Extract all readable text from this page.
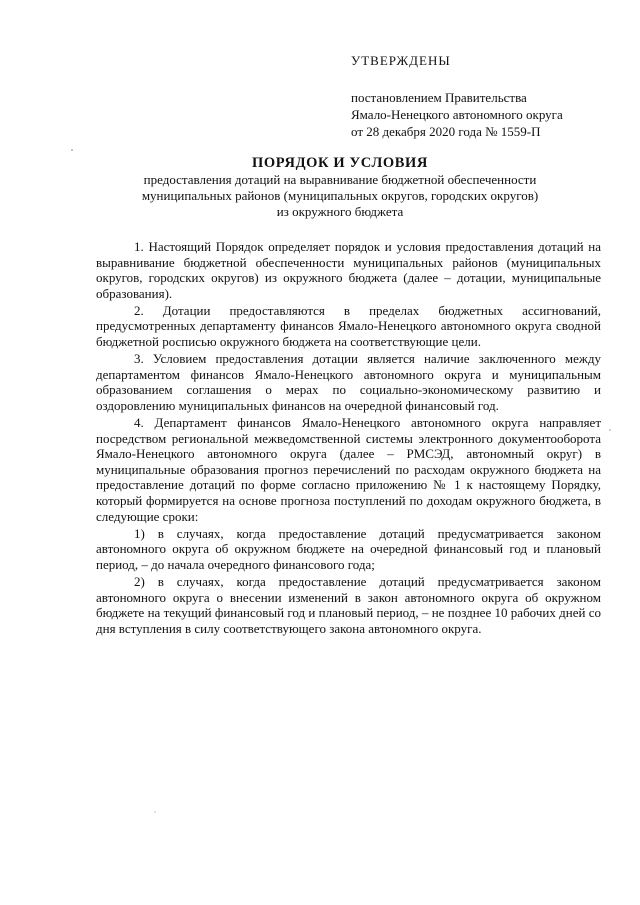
УТВЕРЖДЕНЫ
постановлением Правительства
Ямало-Ненецкого автономного округа
от 28 декабря 2020 года № 1559-П
ПОРЯДОК И УСЛОВИЯ
предоставления дотаций на выравнивание бюджетной обеспеченности
муниципальных районов (муниципальных округов, городских округов)
из окружного бюджета

1. Настоящий Порядок определяет порядок и условия предоставления дотаций на выравнивание бюджетной обеспеченности муниципальных районов (муниципальных округов, городских округов) из окружного бюджета (далее – дотации, муниципальные образования).

2. Дотации предоставляются в пределах бюджетных ассигнований, предусмотренных департаменту финансов Ямало-Ненецкого автономного округа сводной бюджетной росписью окружного бюджета на соответствующие цели.

3. Условием предоставления дотации является наличие заключенного между департаментом финансов Ямало-Ненецкого автономного округа и муниципальным образованием соглашения о мерах по социально-экономическому развитию и оздоровлению муниципальных финансов на очередной финансовый год.

4. Департамент финансов Ямало-Ненецкого автономного округа направляет посредством региональной межведомственной системы электронного документооборота Ямало-Ненецкого автономного округа (далее – РМСЭД, автономный округ) в муниципальные образования прогноз перечислений по расходам окружного бюджета на предоставление дотаций по форме согласно приложению № 1 к настоящему Порядку, который формируется на основе прогноза поступлений по доходам окружного бюджета, в следующие сроки:

1) в случаях, когда предоставление дотаций предусматривается законом автономного округа об окружном бюджете на очередной финансовый год и плановый период, – до начала очередного финансового года;

2) в случаях, когда предоставление дотаций предусматривается законом автономного округа о внесении изменений в закон автономного округа об окружном бюджете на текущий финансовый год и плановый период, – не позднее 10 рабочих дней со дня вступления в силу соответствующего закона автономного округа.
